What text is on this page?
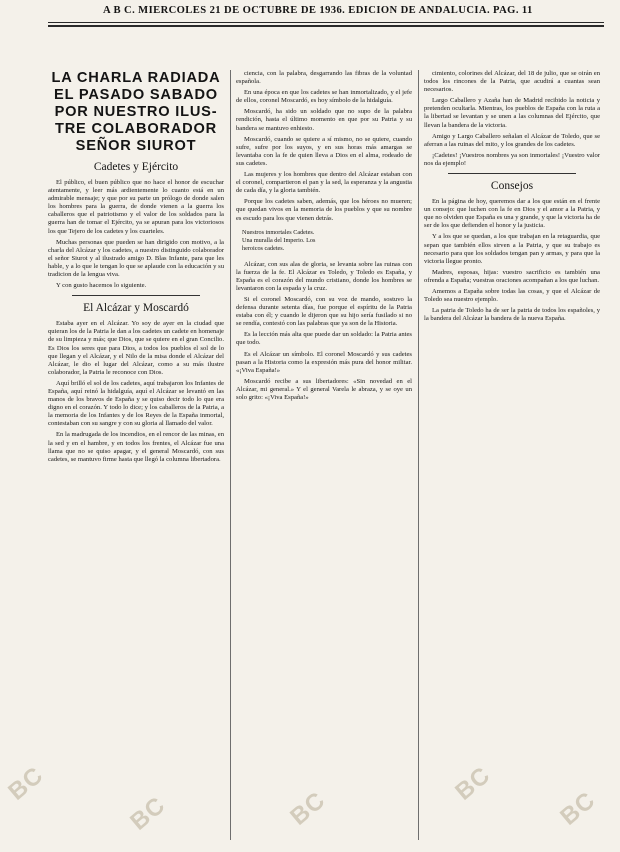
A B C. MIERCOLES 21 DE OCTUBRE DE 1936. EDICION DE ANDALUCIA. PAG. 11
LA CHARLA RADIADA
EL PASADO SABADO
POR NUESTRO ILUS-
TRE COLABORADOR
SEÑOR SIUROT
Cadetes y Ejército

El público, el buen público que no hace el honor de escuchar atentamente, y leer más ardientemente lo cuanto está en un admirable mensaje; y que por su parte un prólogo de donde salen los hombres para la guerra, de donde vienen a la guerra los caballeros que el patriotismo y el valor de los soldados para la guerra han de tomar el Ejército, ya se apuran para los victoriosos los que Tejero de los cadetes y los cuarteles.

Muchas personas que pueden se han dirigido con motivo, a la charla del Alcázar y los cadetes, a nuestro distinguido colaborador el señor Siurot y al ilustrado amigo D. Blas Infante, para que les hable, y a lo que le tengan lo que se aplaude con la educación y su tradicion de la lengua viva.

Y con gusto hacemos lo siguiente.

El Alcázar y Moscardó

Estaba ayer en el Alcázar. Yo soy de ayer en la ciudad que quieran los de la Patria le dan a los cadetes un cadete en homenaje de su limpieza y más; que Dios, que se quiere en el gran Concilio. Es Dios los seres que para Dios, a todos los pueblos el sol de lo que llegan y el Alcázar, y el Nilo de la misa donde el Alcázar del Alcázar, le dio el lugar del Alcázar, como a su más ilustre colaborador, la Patria le reconoce con Dios.

Aquí brilló el sol de los cadetes, aquí trabajaron los Infantes de España, aquí reinó la hidalguía, aquí el Alcázar se levantó en las manos de los bravos de España y se quiso decir todo lo que era digno en el corazón. Y todo lo dice; y los caballeros de la Patria, a la memoria de los Infantes y de los Reyes de la España inmortal, contestaban con su sangre y con su gloria al llamado del valor.

En la madrugada de los incendios, en el rencor de las minas, en la sed y en el hambre, y en todos los frentes, el Alcázar fue una llama que no se quiso apagar, y el general Moscardó, con sus cadetes, se mantuvo firme hasta que llegó la columna libertadora.

ciencia, con la palabra, desgarrando las fibras de la voluntad española.

En una época en que los cadetes se han inmortalizado, y el jefe de ellos, coronel Moscardó, es hoy símbolo de la hidalguía.

Moscardó, ha sido un soldado que no supo de la palabra rendición, hasta el último momento en que por su Patria y su bandera se mantuvo enhiesto.

Moscardó, cuando se quiere a sí mismo, no se quiere, cuando sufre, sufre por los suyos, y en sus horas más amargas se levantaba con la fe de quien lleva a Dios en el alma, rodeado de sus cadetes.

Las mujeres y los hombres que dentro del Alcázar estaban con el coronel, compartieron el pan y la sed, la esperanza y la angustia de cada día, y la gloria también.

Porque los cadetes saben, además, que los héroes no mueren; que quedan vivos en la memoria de los pueblos y que su nombre es escudo para los que vienen detrás.

Nuestros inmortales Cadetes.
Una muralla del Imperio. Los
heroicos cadetes.

Alcázar, con sus alas de gloria, se levanta sobre las ruinas con la fuerza de la fe. El Alcázar es Toledo, y Toledo es España, y España es el corazón del mundo cristiano, donde los hombres se levantaron con la espada y la cruz.

Si el coronel Moscardó, con su voz de mando, sostuvo la defensa durante setenta días, fue porque el espíritu de la Patria estaba con él; y cuando le dijeron que su hijo sería fusilado si no se rendía, contestó con las palabras que ya son de la Historia.

Es la lección más alta que puede dar un soldado: la Patria antes que todo.

Es el Alcázar un símbolo. El coronel Moscardó y sus cadetes pasan a la Historia como la expresión más pura del honor militar. «¡Viva España!»

Moscardó recibe a sus libertadores: «Sin novedad en el Alcázar, mi general.» Y el general Varela le abraza, y se oye un solo grito: «¡Viva España!»

cimiento, colorines del Alcázar, del 18 de julio, que se oirán en todos los rincones de la Patria, que acudirá a cuantas sean necesarios.

Largo Caballero y Azaña han de Madrid recibido la noticia y pretenden ocultarla. Mientras, los pueblos de España con la ruta a la libertad se levantan y se unen a las columnas del Ejército, que llevan la bandera de la victoria.

Amigo y Largo Caballero señalan el Alcázar de Toledo, que se aferran a las ruinas del mito, y los grandes de los cadetes.

¡Cadetes! ¡Vuestros nombres ya son inmortales! ¡Vuestro valor nos da ejemplo!

Consejos

En la página de hoy, queremos dar a los que están en el frente un consejo: que luchen con la fe en Dios y el amor a la Patria, y que no olviden que España es una y grande, y que la victoria ha de ser de los que defienden el honor y la justicia.

Y a los que se quedan, a los que trabajan en la retaguardia, que sepan que también ellos sirven a la Patria, y que su trabajo es necesario para que los soldados tengan pan y armas, y para que la victoria llegue pronto.

Madres, esposas, hijas: vuestro sacrificio es también una ofrenda a España; vuestras oraciones acompañan a los que luchan.

Amemos a España sobre todas las cosas, y que el Alcázar de Toledo sea nuestro ejemplo.

La patria de Toledo ha de ser la patria de todos los españoles, y la bandera del Alcázar la bandera de la nueva España.

BC
BC	BC
BC
BC
